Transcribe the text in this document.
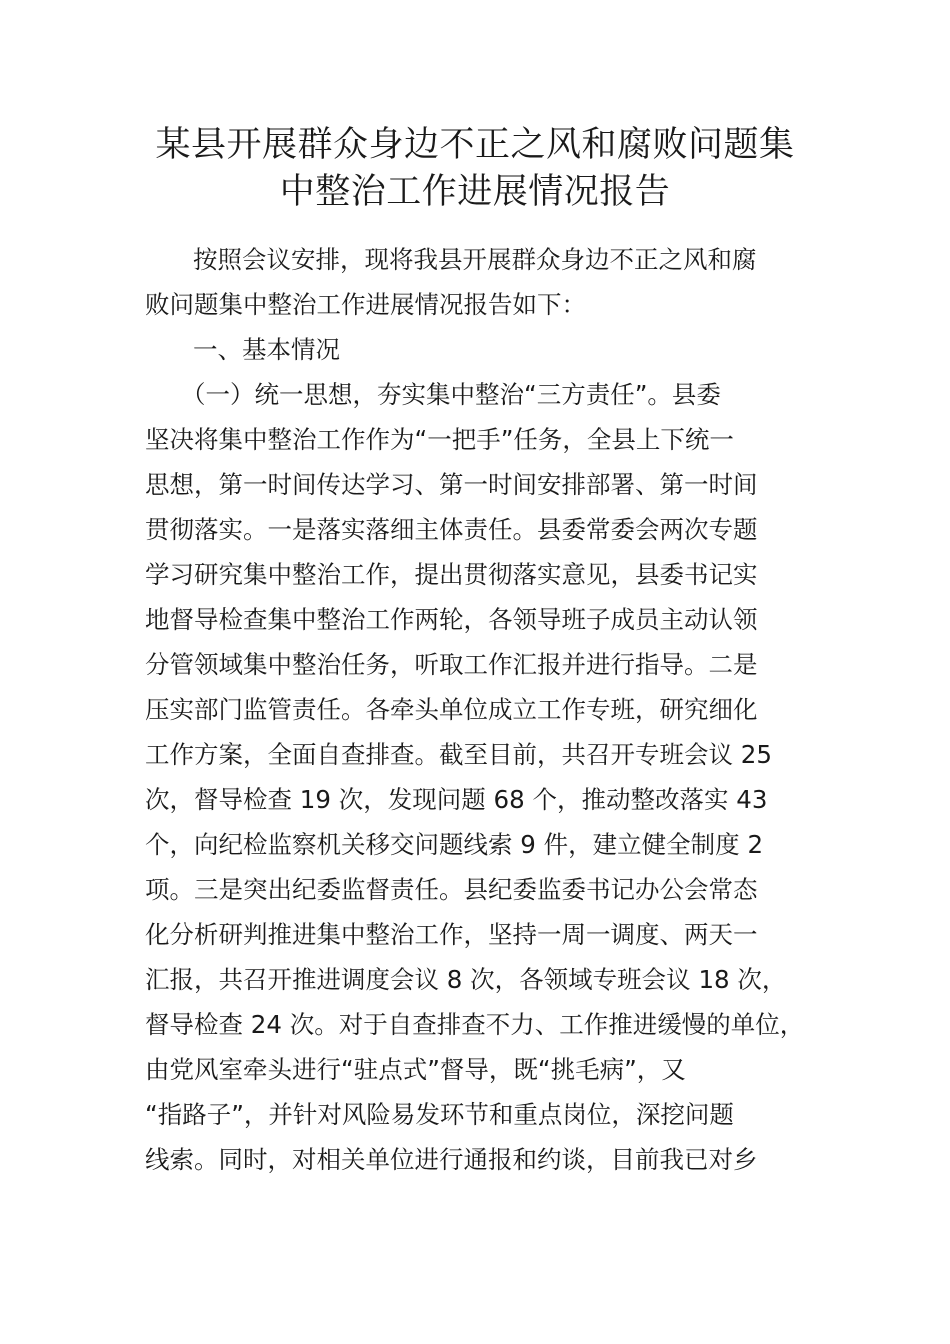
某县开展群众身边不正之风和腐败问题集
中整治工作进展情况报告

按照会议安排，现将我县开展群众身边不正之风和腐

败问题集中整治工作进展情况报告如下：

一、基本情况

（一）统一思想，夯实集中整治“三方责任”。县委

坚决将集中整治工作作为“一把手”任务，全县上下统一

思想，第一时间传达学习、第一时间安排部署、第一时间

贯彻落实。一是落实落细主体责任。县委常委会两次专题

学习研究集中整治工作，提出贯彻落实意见，县委书记实

地督导检查集中整治工作两轮，各领导班子成员主动认领

分管领域集中整治任务，听取工作汇报并进行指导。二是

压实部门监管责任。各牵头单位成立工作专班，研究细化

工作方案，全面自查排查。截至目前，共召开专班会议 25

次，督导检查 19 次，发现问题 68 个，推动整改落实 43

个，向纪检监察机关移交问题线索 9 件，建立健全制度 2

项。三是突出纪委监督责任。县纪委监委书记办公会常态

化分析研判推进集中整治工作，坚持一周一调度、两天一

汇报，共召开推进调度会议 8 次，各领域专班会议 18 次，

督导检查 24 次。对于自查排查不力、工作推进缓慢的单位，

由党风室牵头进行“驻点式”督导，既“挑毛病”，又

“指路子”，并针对风险易发环节和重点岗位，深挖问题

线索。同时，对相关单位进行通报和约谈，目前我已对乡
